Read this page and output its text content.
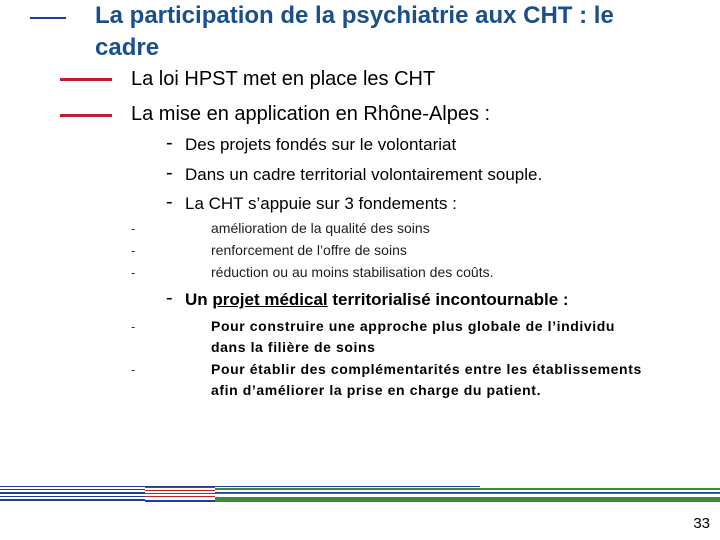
La participation de la psychiatrie aux CHT : le cadre
La loi HPST met en place les CHT
La mise en application en Rhône-Alpes :
- Des projets fondés sur le volontariat
- Dans un cadre territorial volontairement souple.
- La CHT s’appuie sur 3 fondements :
-	amélioration de la qualité des soins
-	renforcement de l’offre de soins
-	réduction ou au moins stabilisation des coûts.
- Un projet médical territorialisé incontournable :
-	Pour construire une approche plus globale de l’individu dans la filière de soins
-	Pour établir des complémentarités entre les établissements afin d’améliorer la prise en charge du patient.
33
